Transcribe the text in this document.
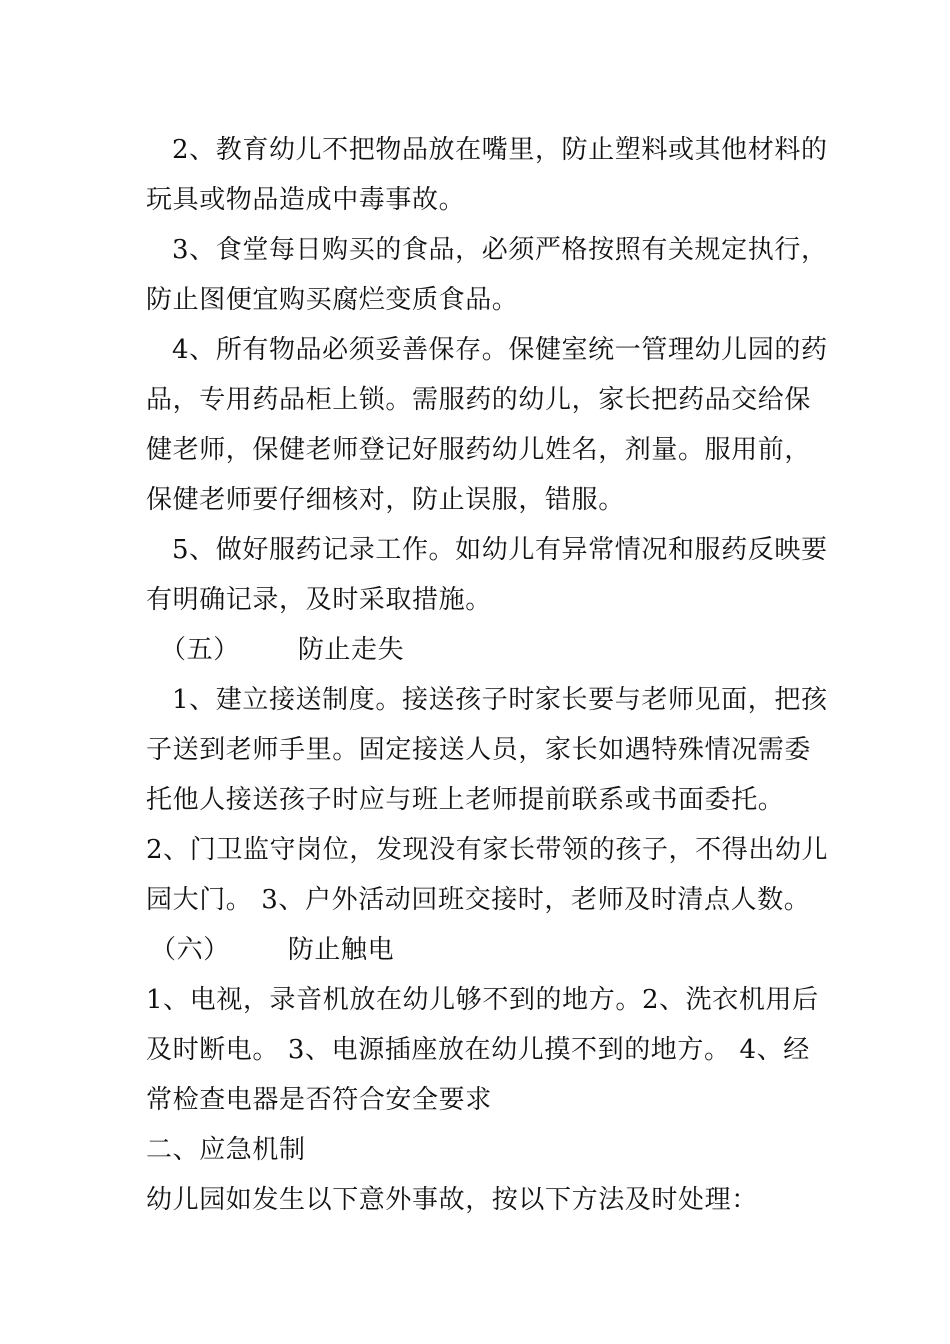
2、教育幼儿不把物品放在嘴里，防止塑料或其他材料的
玩具或物品造成中毒事故。
3、食堂每日购买的食品，必须严格按照有关规定执行，
防止图便宜购买腐烂变质食品。
4、所有物品必须妥善保存。保健室统一管理幼儿园的药
品，专用药品柜上锁。需服药的幼儿，家长把药品交给保
健老师，保健老师登记好服药幼儿姓名，剂量。服用前，
保健老师要仔细核对，防止误服，错服。
5、做好服药记录工作。如幼儿有异常情况和服药反映要
有明确记录，及时采取措施。
（五） 防止走失
1、建立接送制度。接送孩子时家长要与老师见面，把孩
子送到老师手里。固定接送人员，家长如遇特殊情况需委
托他人接送孩子时应与班上老师提前联系或书面委托。
2、门卫监守岗位，发现没有家长带领的孩子，不得出幼儿
园大门。 3、户外活动回班交接时，老师及时清点人数。
（六） 防止触电
1、电视，录音机放在幼儿够不到的地方。2、洗衣机用后
及时断电。 3、电源插座放在幼儿摸不到的地方。 4、经
常检查电器是否符合安全要求
二、应急机制
幼儿园如发生以下意外事故，按以下方法及时处理：
